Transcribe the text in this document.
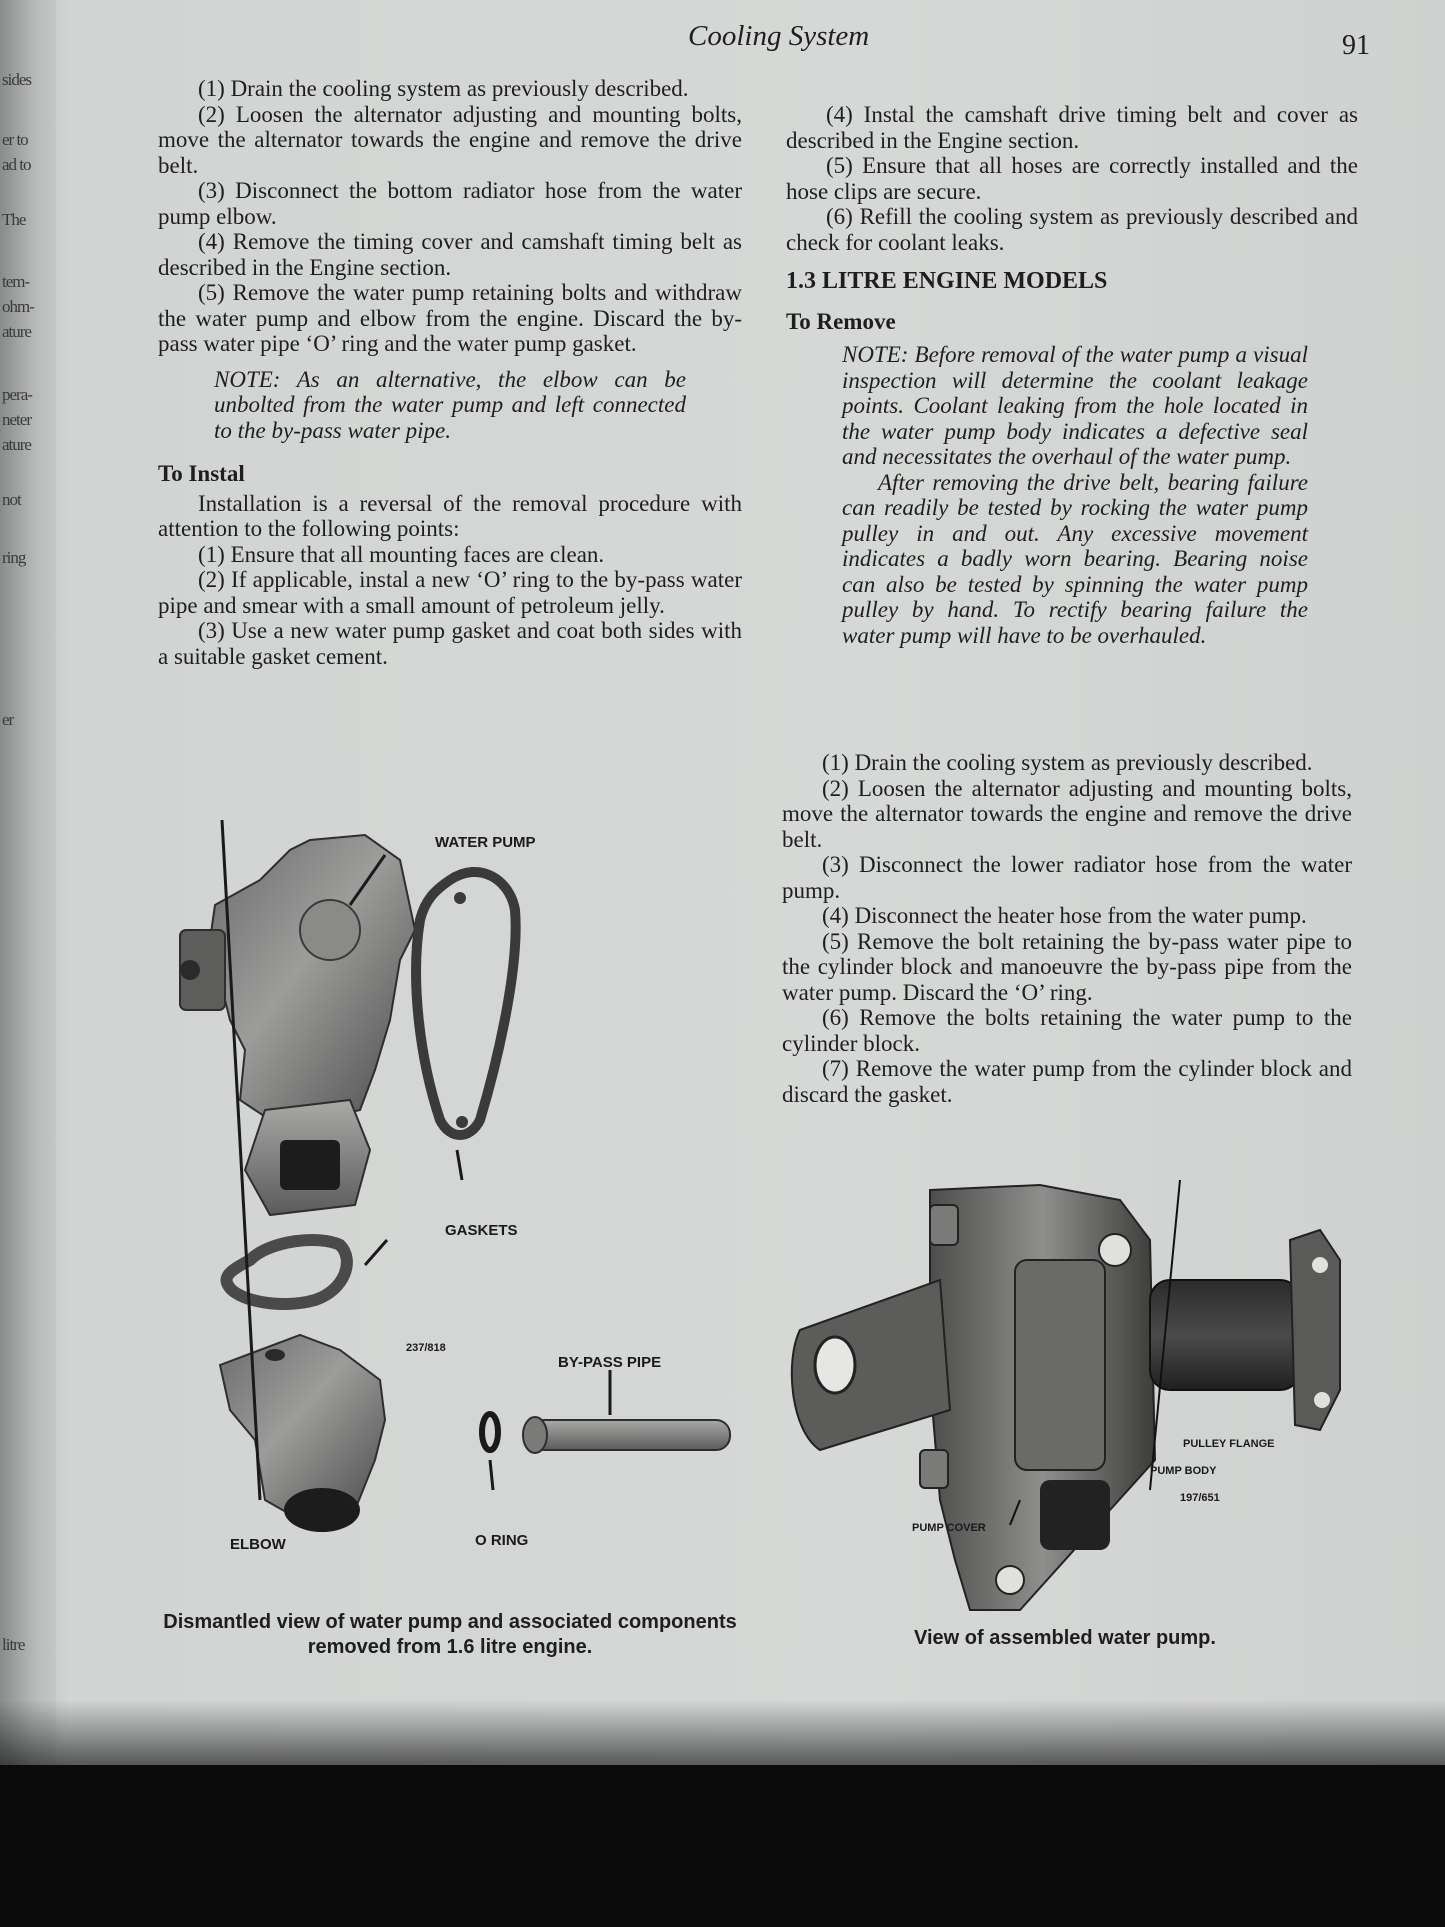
sides
er to
ad to
The
tem-
ohm-
ature
pera-
neter
ature
not
ring
er
litre
Cooling System	91

(1) Drain the cooling system as previously described.

(2) Loosen the alternator adjusting and mounting bolts, move the alternator towards the engine and remove the drive belt.

(3) Disconnect the bottom radiator hose from the water pump elbow.

(4) Remove the timing cover and camshaft timing belt as described in the Engine section.

(5) Remove the water pump retaining bolts and withdraw the water pump and elbow from the engine. Discard the by-pass water pipe ‘O’ ring and the water pump gasket.

NOTE: As an alternative, the elbow can be unbolted from the water pump and left connected to the by-pass water pipe.

To Instal

Installation is a reversal of the removal procedure with attention to the following points:

(1) Ensure that all mounting faces are clean.

(2) If applicable, instal a new ‘O’ ring to the by-pass water pipe and smear with a small amount of petroleum jelly.

(3) Use a new water pump gasket and coat both sides with a suitable gasket cement.

(4) Instal the camshaft drive timing belt and cover as described in the Engine section.

(5) Ensure that all hoses are correctly installed and the hose clips are secure.

(6) Refill the cooling system as previously described and check for coolant leaks.

1.3 LITRE ENGINE MODELS
To Remove

NOTE: Before removal of the water pump a visual inspection will determine the coolant leakage points. Coolant leaking from the hole located in the water pump body indicates a defective seal and necessitates the overhaul of the water pump.

After removing the drive belt, bearing failure can readily be tested by rocking the water pump pulley in and out. Any excessive movement indicates a badly worn bearing. Bearing noise can also be tested by spinning the water pump pulley by hand. To rectify bearing failure the water pump will have to be overhauled.

(1) Drain the cooling system as previously described.

(2) Loosen the alternator adjusting and mounting bolts, move the alternator towards the engine and remove the drive belt.

(3) Disconnect the lower radiator hose from the water pump.

(4) Disconnect the heater hose from the water pump.

(5) Remove the bolt retaining the by-pass water pipe to the cylinder block and manoeuvre the by-pass pipe from the water pump. Discard the ‘O’ ring.

(6) Remove the bolts retaining the water pump to the cylinder block.

(7) Remove the water pump from the cylinder block and discard the gasket.

WATER PUMP
GASKETS
237/818
BY-PASS PIPE
ELBOW	O RING
Dismantled view of water pump and associated components removed from 1.6 litre engine.
PULLEY FLANGE
PUMP BODY
197/651
PUMP COVER
View of assembled water pump.
